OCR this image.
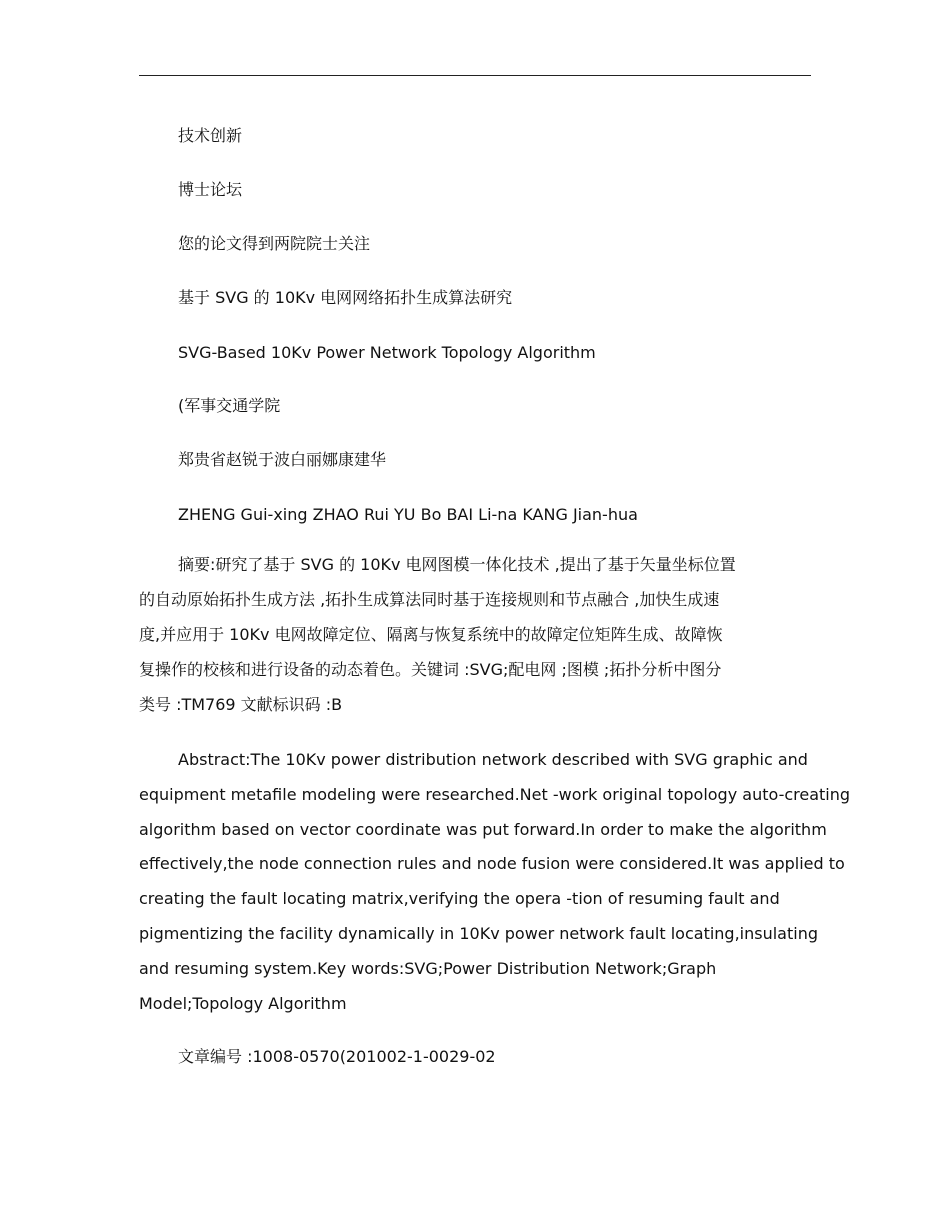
技术创新
博士论坛
您的论文得到两院院士关注
基于 SVG 的 10Kv 电网网络拓扑生成算法研究
SVG-Based 10Kv Power Network Topology Algorithm
(军事交通学院
郑贵省赵锐于波白丽娜康建华
ZHENG Gui-xing ZHAO Rui YU Bo BAI Li-na KANG Jian-hua
摘要:研究了基于 SVG 的 10Kv 电网图模一体化技术 ,提出了基于矢量坐标位置
的自动原始拓扑生成方法 ,拓扑生成算法同时基于连接规则和节点融合 ,加快生成速
度,并应用于 10Kv 电网故障定位、隔离与恢复系统中的故障定位矩阵生成、故障恢
复操作的校核和进行设备的动态着色。关键词 :SVG;配电网 ;图模 ;拓扑分析中图分
类号 :TM769 文献标识码 :B
Abstract:The 10Kv power distribution network described with SVG graphic and
equipment metafile modeling were researched.Net -work original topology auto-creating
algorithm based on vector coordinate was put forward.In order to make the algorithm
effectively,the node connection rules and node fusion were considered.It was applied to
creating the fault locating matrix,verifying the opera -tion of resuming fault and
pigmentizing the facility dynamically in 10Kv power network fault locating,insulating
and resuming system.Key words:SVG;Power Distribution Network;Graph
Model;Topology Algorithm
文章编号 :1008-0570(201002-1-0029-02
